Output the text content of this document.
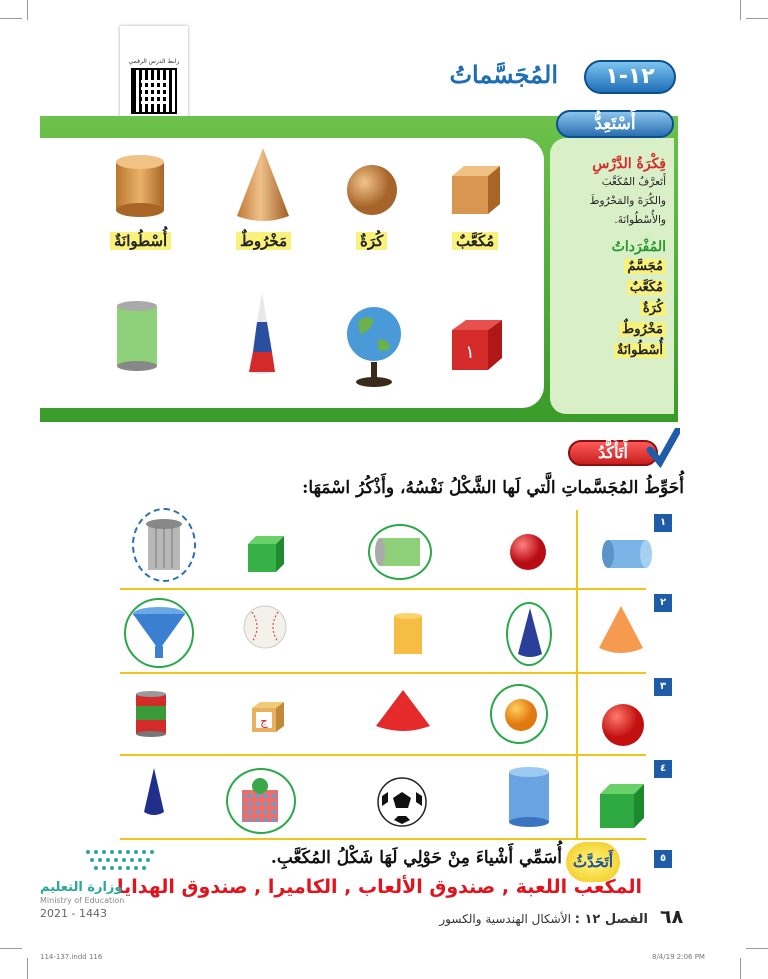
رابط الدرس الرقمي
١٢-١
المُجَسَّماتُ
أَسْتَعِدُّ
فِكْرَةُ الدَّرْسِ
أَتَعرَّفُ المُكَعَّبَ
والكُرَةَ والمَخْرُوطَ
والأُسْطُوانَةَ.
المُفْرَداتُ
مُجَسَّمٌ
مُكَعَّبٌ
كُرَةٌ
مَخْرُوطٌ
أُسْطُوانَةٌ
أُسْطُوانَةٌ	مَخْرُوطٌ	كُرَةٌ	مُكَعَّبٌ
١
أَتَأَكَّدُ
أُحَوِّطُ المُجَسَّماتِ الَّتي لَها الشَّكْلُ نَفْسُهُ، وأَذْكُرُ اسْمَهَا:
١
٢
٣
٤
ج
٥
أَتَحَدَّثُ
أُسَمِّي أَشْياءَ مِنْ حَوْلِي لَهَا شَكْلُ المُكَعَّبِ.
المكعب اللعبة , صندوق الألعاب , الكاميرا , صندوق الهدايا
وزارة التعليم
Ministry of Education
2021 - 1443	٦٨
الفصل ١٢ : الأشكال الهندسية والكسور
114-137.indd 116	8/4/19 2:06 PM
